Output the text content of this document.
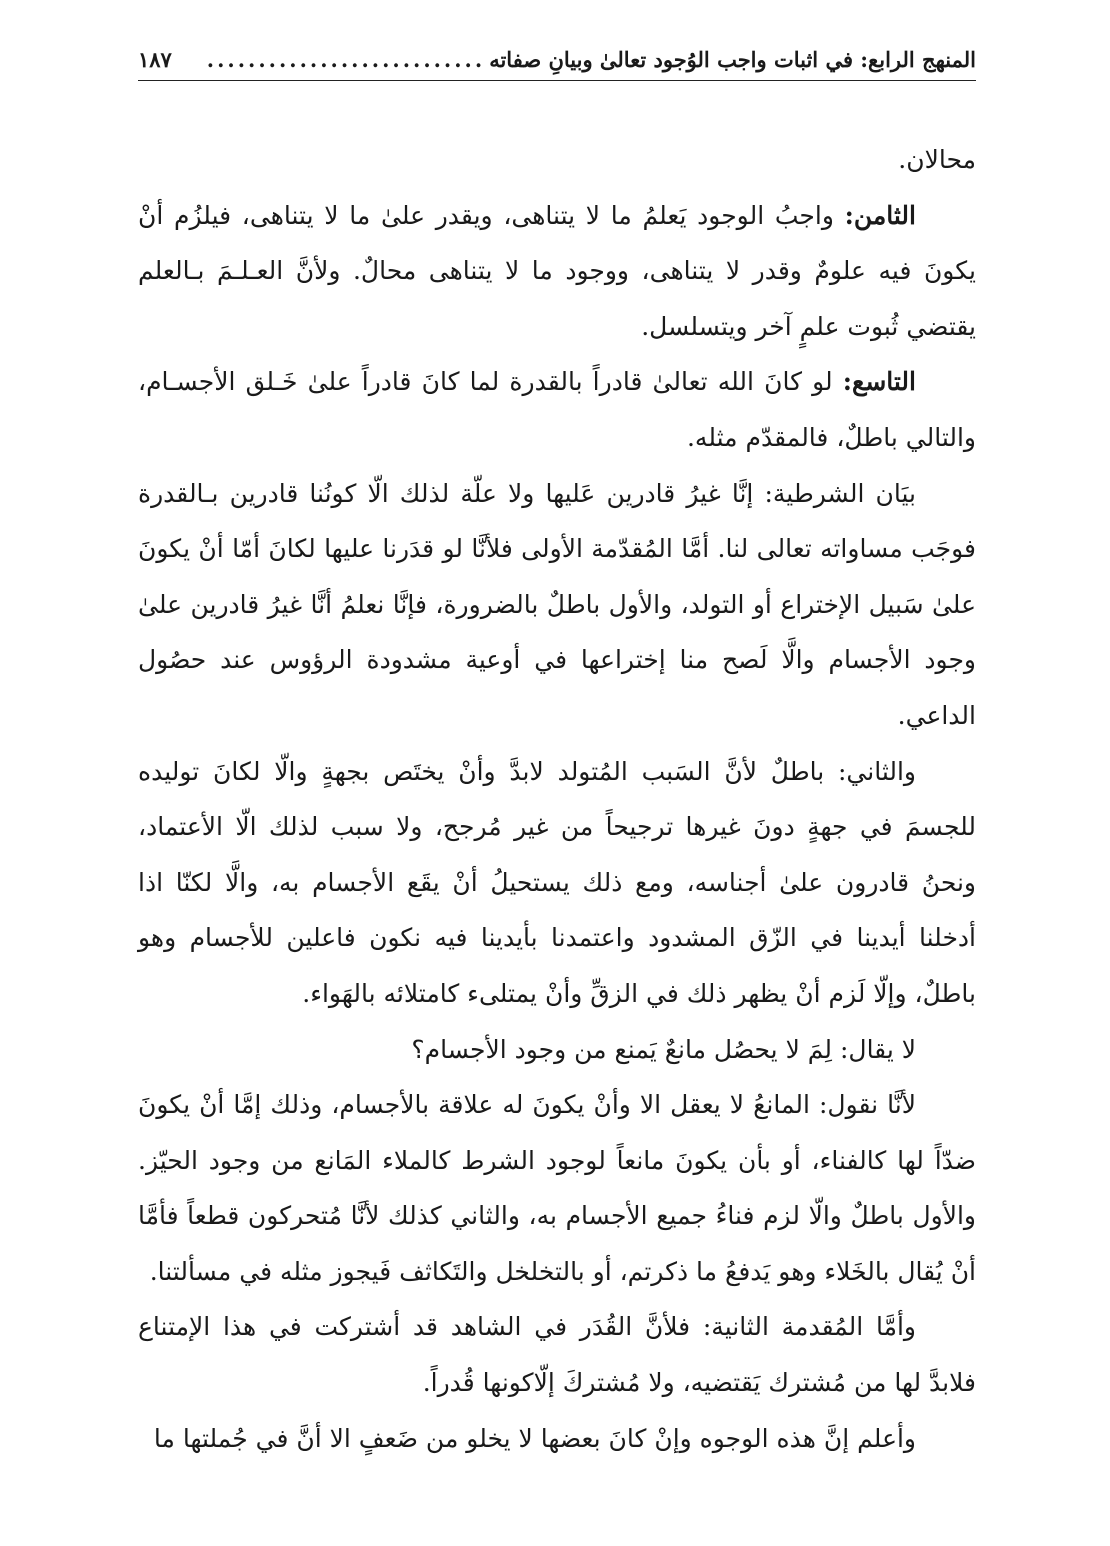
المنهج الرابع: في اثبات واجب الوُجود تعالىٰ وبيانِ صفاته
...........................
١٨٧

محالان.

الثامن: واجبُ الوجود يَعلمُ ما لا يتناهى، ويقدر علىٰ ما لا يتناهى، فيلزُم أنْ يكونَ فيه علومٌ وقدر لا يتناهى، ووجود ما لا يتناهى محالٌ. ولأنَّ العـلـمَ بـالعلم يقتضي ثُبوت علمٍ آخر ويتسلسل.

التاسع: لو كانَ الله تعالىٰ قادراً بالقدرة لما كانَ قادراً علىٰ خَـلق الأجسـام، والتالي باطلٌ، فالمقدّم مثله.

بيَان الشرطية: إنَّا غيرُ قادرين عَليها ولا علّة لذلك الّا كونُنا قادرين بـالقدرة فوجَب مساواته تعالى لنا. أمَّا المُقدّمة الأولى فلأنَّا لو قدَرنا عليها لكانَ أمّا أنْ يكونَ علىٰ سَبيل الإختراع أو التولد، والأول باطلٌ بالضرورة، فإنَّا نعلمُ أنَّا غيرُ قادرين علىٰ وجود الأجسام والَّا لَصح منا إختراعها في أوعية مشدودة الرؤوس عند حصُول الداعي.

والثاني: باطلٌ لأنَّ السَبب المُتولد لابدَّ وأنْ يختَص بجهةٍ والّا لكانَ توليده للجسمَ في جهةٍ دونَ غيرها ترجيحاً من غير مُرجح، ولا سبب لذلك الّا الأعتماد، ونحنُ قادرون علىٰ أجناسه، ومع ذلك يستحيلُ أنْ يقَع الأجسام به، والَّا لكنّا اذا أدخلنا أيدينا في الزّق المشدود واعتمدنا بأيدينا فيه نكون فاعلين للأجسام وهو باطلٌ، وإلّا لَزم أنْ يظهر ذلك في الزقِّ وأنْ يمتلىء كامتلائه بالهَواء.

لا يقال: لِمَ لا يحصُل مانعٌ يَمنع من وجود الأجسام؟

لأنَّا نقول: المانعُ لا يعقل الا وأنْ يكونَ له علاقة بالأجسام، وذلك إمَّا أنْ يكونَ ضدّاً لها كالفناء، أو بأن يكونَ مانعاً لوجود الشرط كالملاء المَانع من وجود الحيّز. والأول باطلٌ والّا لزم فناءُ جميع الأجسام به، والثاني كذلك لأنَّا مُتحركون قطعاً فأمَّا أنْ يُقال بالخَلاء وهو يَدفعُ ما ذكرتم، أو بالتخلخل والتَكاثف فَيجوز مثله في مسألتنا.

وأمَّا المُقدمة الثانية: فلأنَّ القُدَر في الشاهد قد أشتركت في هذا الإمتناع فلابدَّ لها من مُشترك يَقتضيه، ولا مُشتركَ إلّاكونها قُدراً.

وأعلم إنَّ هذه الوجوه وإنْ كانَ بعضها لا يخلو من ضَعفٍ الا أنَّ في جُملتها ما
